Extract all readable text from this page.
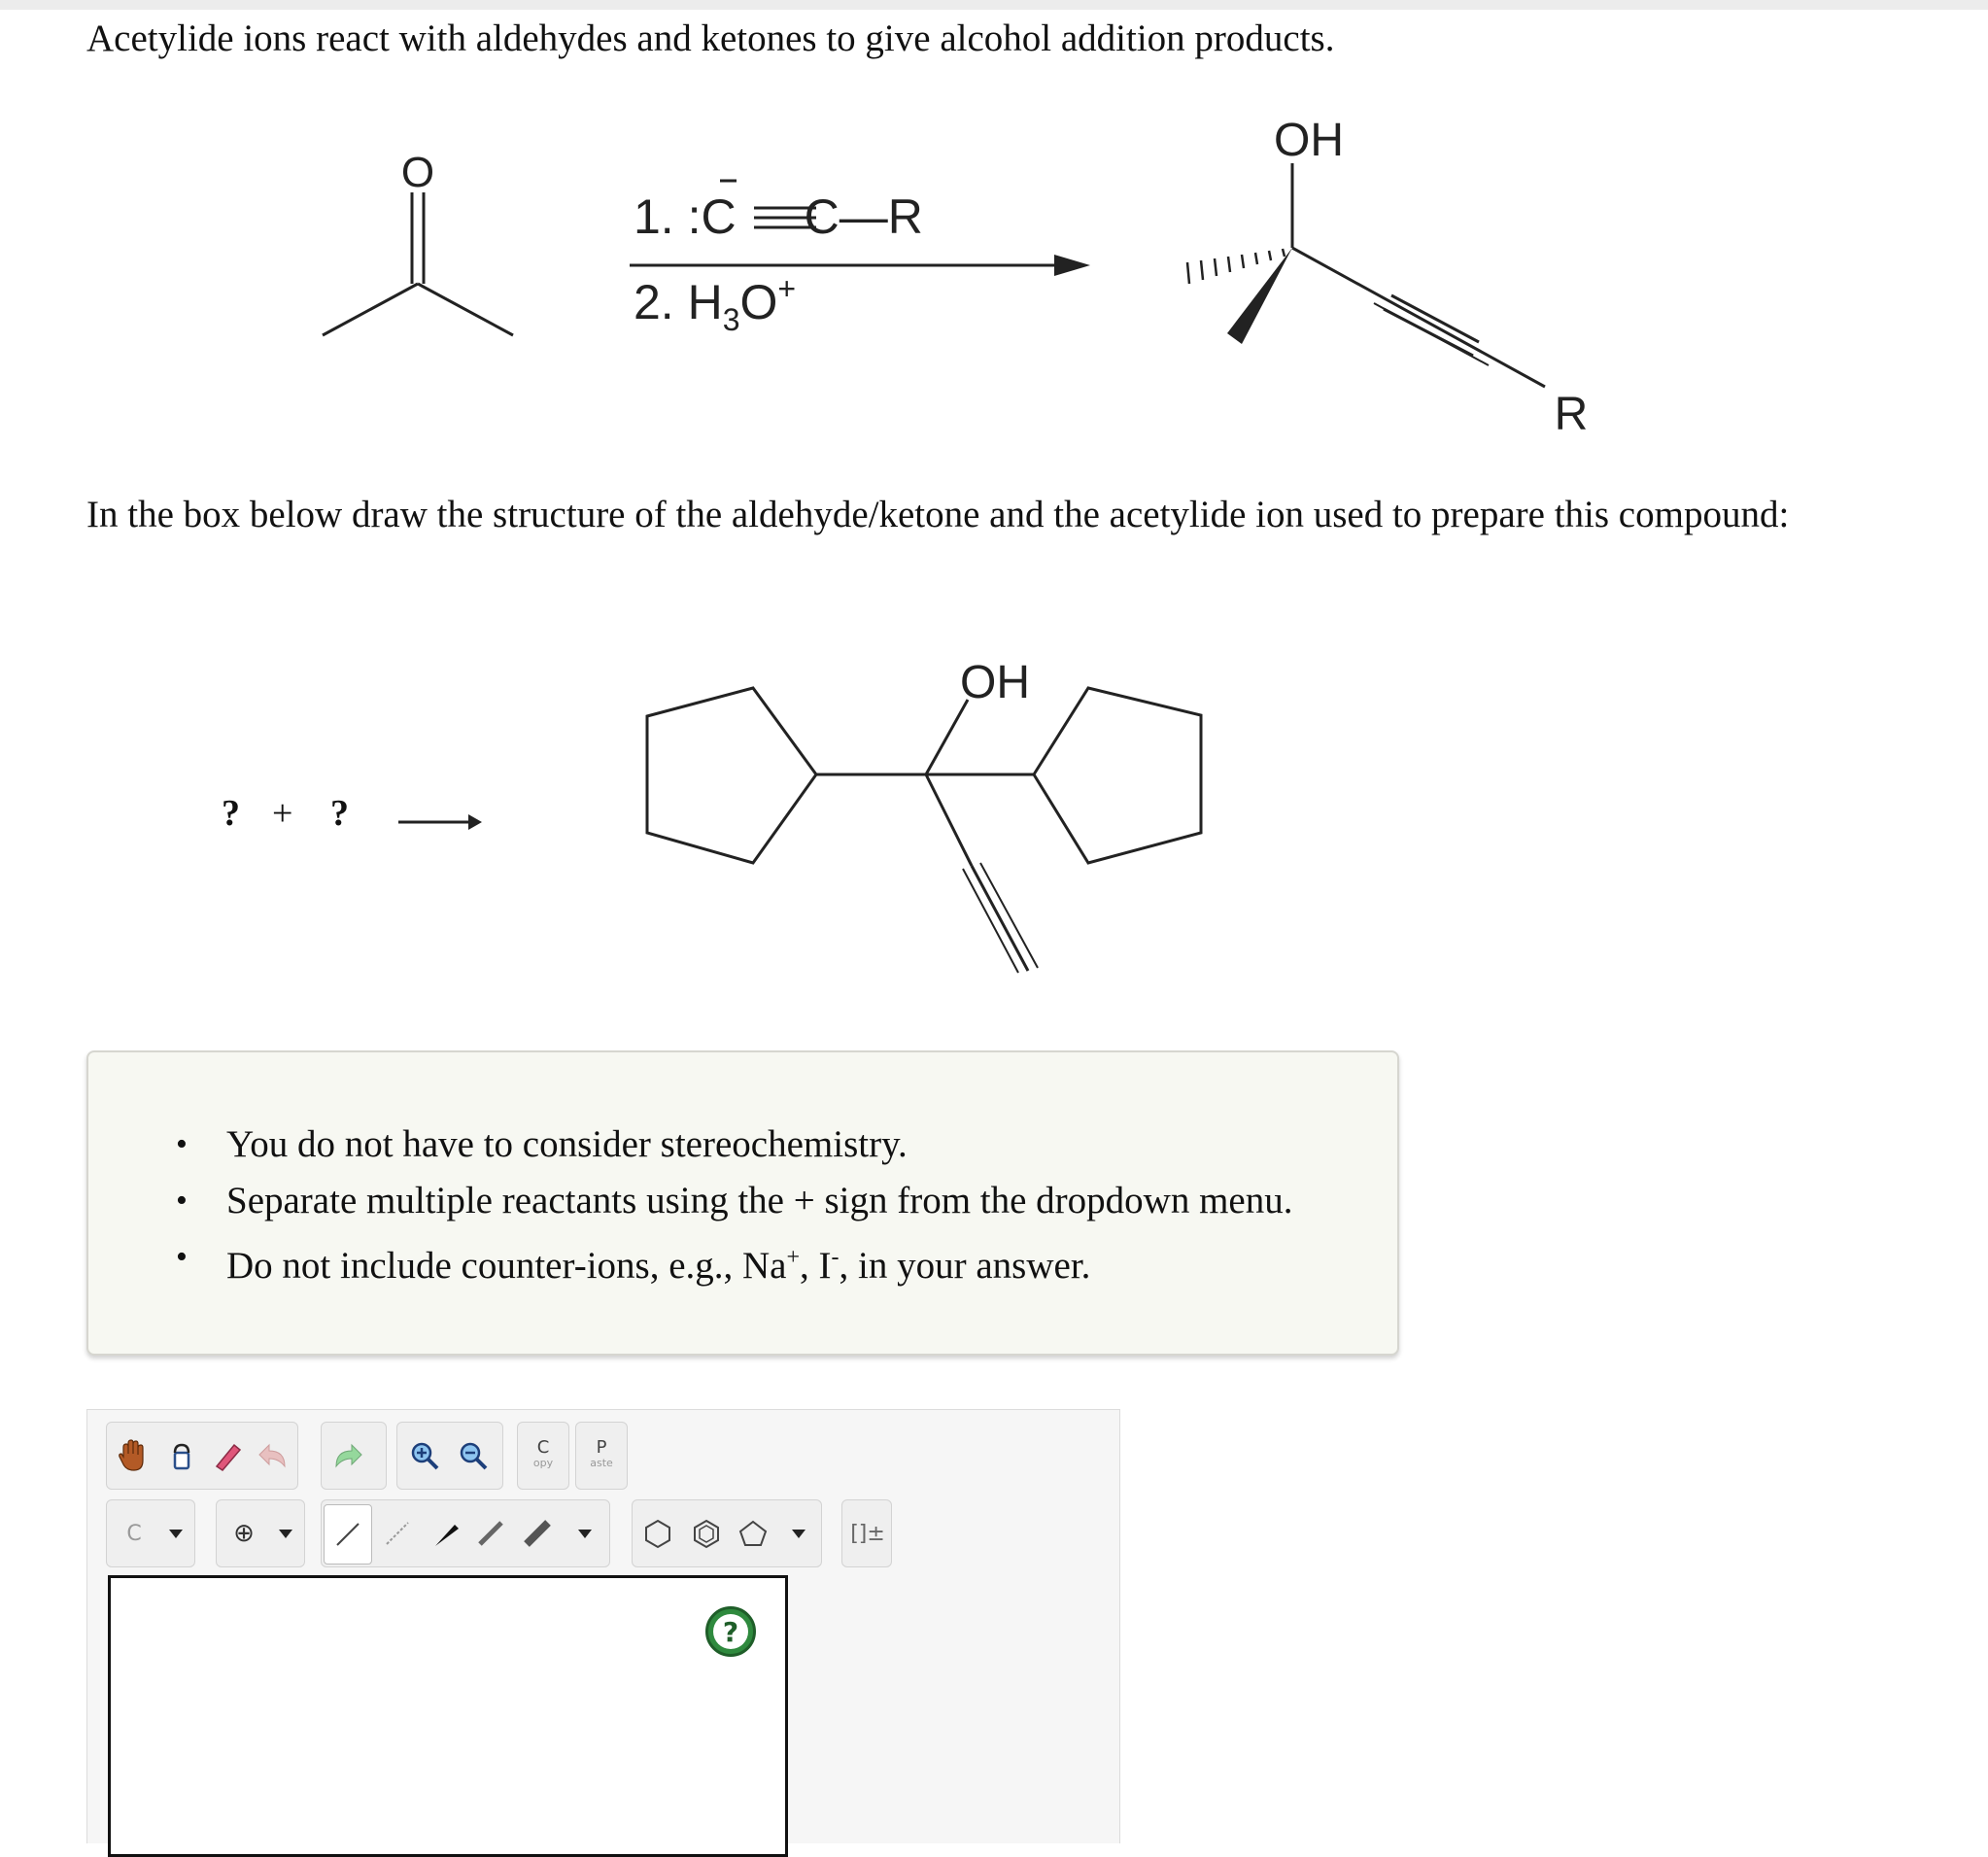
Acetylide ions react with aldehydes and ketones to give alcohol addition products.

O
1. :C C—R
2. $H_3O^+$
OH
R

In the box below draw the structure of the aldehyde/ketone and the acetylide ion used to prepare this compound:

? + ?
OH
• You do not have to consider stereochemistry.
• Separate multiple reactants using the + sign from the dropdown menu.
• Do not include counter-ions, e.g., Na+, I-, in your answer.
C
opy
P
aste
C	⊕	[]±
?
